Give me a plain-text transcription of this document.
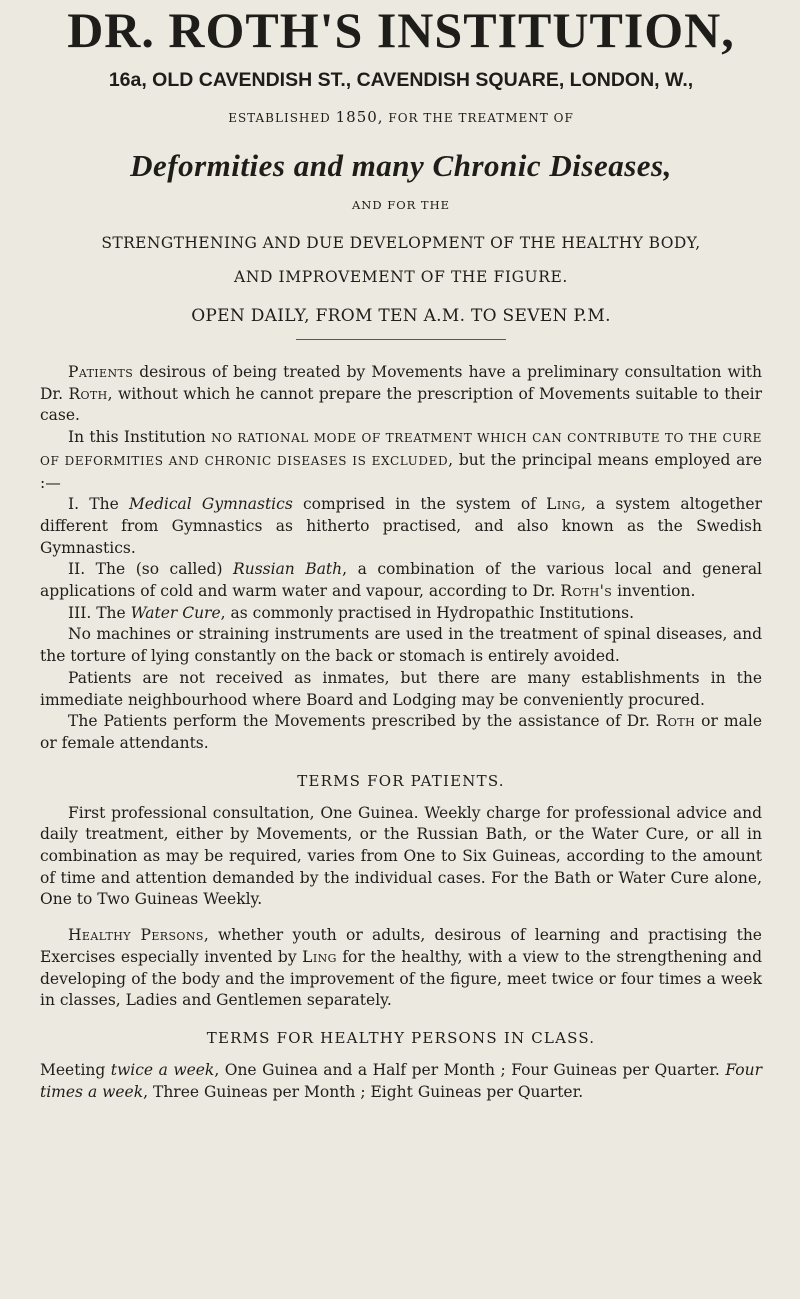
DR. ROTH'S INSTITUTION,
16a, OLD CAVENDISH ST., CAVENDISH SQUARE, LONDON, W.,
ESTABLISHED 1850, FOR THE TREATMENT OF
Deformities and many Chronic Diseases,
AND FOR THE
STRENGTHENING AND DUE DEVELOPMENT OF THE HEALTHY BODY,
AND IMPROVEMENT OF THE FIGURE.
OPEN DAILY, FROM TEN A.M. TO SEVEN P.M.

Patients desirous of being treated by Movements have a preliminary consultation with Dr. Roth, without which he cannot prepare the prescription of Movements suitable to their case.

In this Institution NO RATIONAL MODE OF TREATMENT WHICH CAN CONTRIBUTE TO THE CURE OF DEFORMITIES AND CHRONIC DISEASES IS EXCLUDED, but the principal means employed are :—

I. The Medical Gymnastics comprised in the system of Ling, a system altogether different from Gymnastics as hitherto practised, and also known as the Swedish Gymnastics.

II. The (so called) Russian Bath, a combination of the various local and general applications of cold and warm water and vapour, according to Dr. Roth's invention.

III. The Water Cure, as commonly practised in Hydropathic Institutions.

No machines or straining instruments are used in the treatment of spinal diseases, and the torture of lying constantly on the back or stomach is entirely avoided.

Patients are not received as inmates, but there are many establishments in the immediate neighbourhood where Board and Lodging may be conveniently procured.

The Patients perform the Movements prescribed by the assistance of Dr. Roth or male or female attendants.

TERMS FOR PATIENTS.

First professional consultation, One Guinea. Weekly charge for professional advice and daily treatment, either by Movements, or the Russian Bath, or the Water Cure, or all in combination as may be required, varies from One to Six Guineas, according to the amount of time and attention demanded by the individual cases. For the Bath or Water Cure alone, One to Two Guineas Weekly.

Healthy Persons, whether youth or adults, desirous of learning and practising the Exercises especially invented by Ling for the healthy, with a view to the strengthening and developing of the body and the improvement of the figure, meet twice or four times a week in classes, Ladies and Gentlemen separately.

TERMS FOR HEALTHY PERSONS IN CLASS.

Meeting twice a week, One Guinea and a Half per Month ; Four Guineas per Quarter. Four times a week, Three Guineas per Month ; Eight Guineas per Quarter.
